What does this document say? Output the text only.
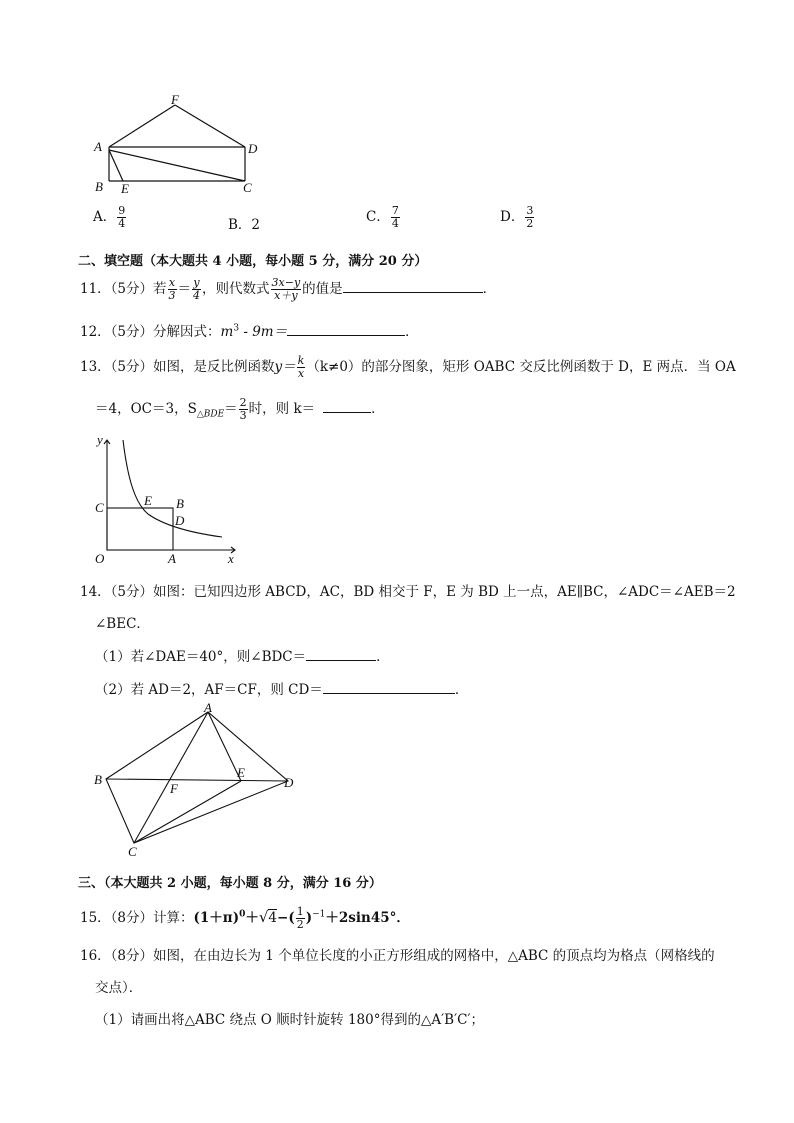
F
A	D
B E	C
A． $\frac{9}{4}$	B．2	C． $\frac{7}{4}$	D． $\frac{3}{2}$
二、填空题（本大题共 4 小题，每小题 5 分，满分 20 分）
11．（5分）若 $\frac{x}{3} = \frac{y}{4}$ ，则代数式 $\frac{3x-y}{x+y}$ 的值是	．
12．（5分）分解因式：$m^3 - 9m=$	．
13．（5分）如图，是反比例函数$y= \frac{k}{x} (k\ne 0)$的部分图象，矩形 OABC 交反比例函数于 D，E 两点．当 OA
＝4，OC＝3，$S_{\triangle BDE}= \frac{2}{3}$ 时，则 k＝	．
y
C	E B
D
O	A	x
14．（5分）如图：已知四边形 ABCD，AC，BD 相交于 F，E 为 BD 上一点，AE∥BC，∠ADC＝∠AEB＝2
∠BEC．
（1）若∠DAE＝40°，则∠BDC＝	．
（2）若 AD＝2，AF＝CF，则 CD＝	．
A
B	E
D
F
C
三、（本大题共 2 小题，每小题 8 分，满分 16 分）
15．（8分）计算：$(1+\pi)^0+√4-( \frac{1}{2} )^{-1}+2\sin 45^\circ$．
16．（8分）如图，在由边长为 1 个单位长度的小正方形组成的网格中，△ABC 的顶点均为格点（网格线的
交点）．
（1）请画出将△ABC 绕点 O 顺时针旋转 180°得到的△A′B′C′；
